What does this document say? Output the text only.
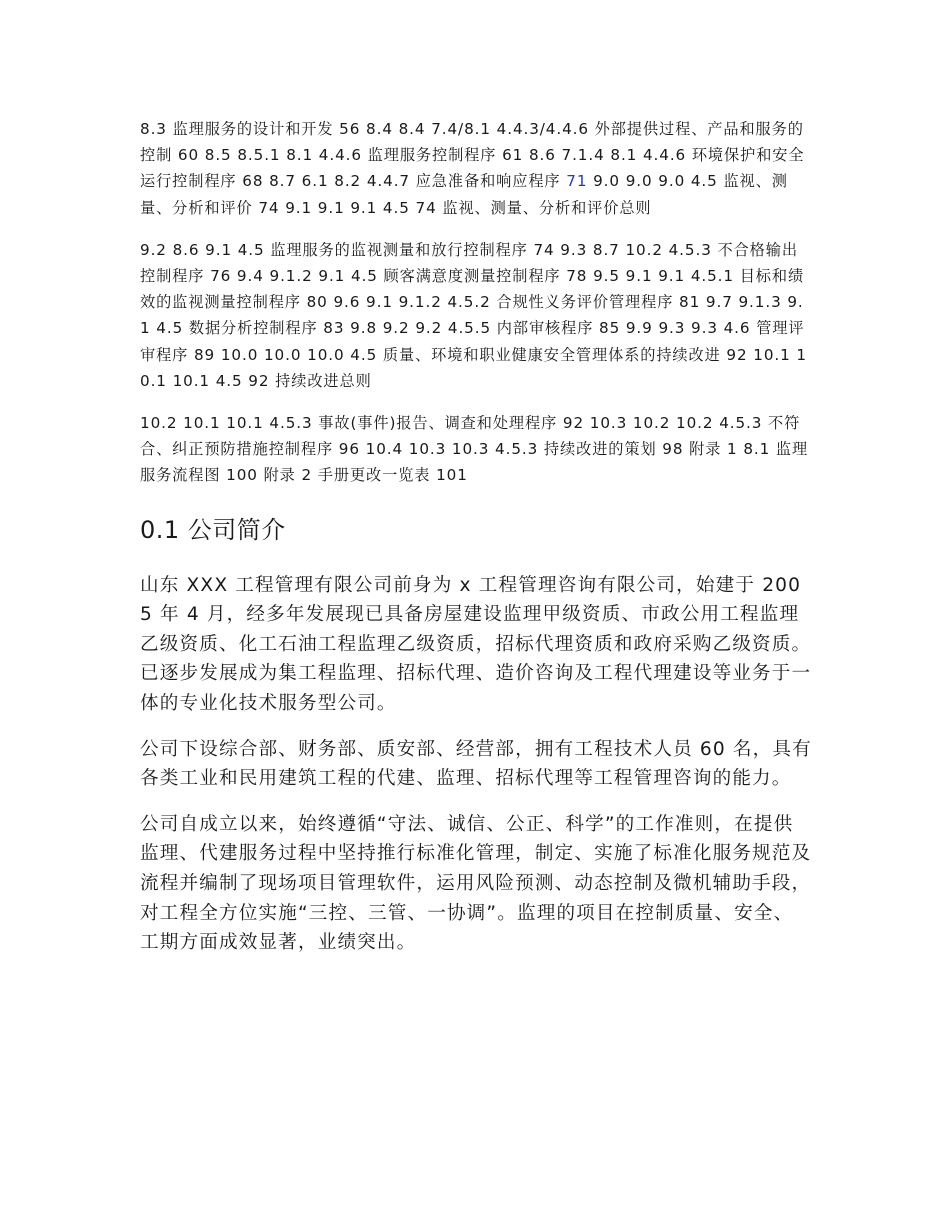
8.3 监理服务的设计和开发 56 8.4 8.4 7.4/8.1 4.4.3/4.4.6 外部提供过程、产品和服务的控制 60 8.5 8.5.1 8.1 4.4.6 监理服务控制程序 61 8.6 7.1.4 8.1 4.4.6 环境保护和安全运行控制程序 68 8.7 6.1 8.2 4.4.7 应急准备和响应程序 71 9.0 9.0 9.0 4.5 监视、测量、分析和评价 74 9.1 9.1 9.1 4.5 74 监视、测量、分析和评价总则

9.2 8.6 9.1 4.5 监理服务的监视测量和放行控制程序 74 9.3 8.7 10.2 4.5.3 不合格输出控制程序 76 9.4 9.1.2 9.1 4.5 顾客满意度测量控制程序 78 9.5 9.1 9.1 4.5.1 目标和绩效的监视测量控制程序 80 9.6 9.1 9.1.2 4.5.2 合规性义务评价管理程序 81 9.7 9.1.3 9.1 4.5 数据分析控制程序 83 9.8 9.2 9.2 4.5.5 内部审核程序 85 9.9 9.3 9.3 4.6 管理评审程序 89 10.0 10.0 10.0 4.5 质量、环境和职业健康安全管理体系的持续改进 92 10.1 10.1 10.1 4.5 92 持续改进总则

10.2 10.1 10.1 4.5.3 事故(事件)报告、调查和处理程序 92 10.3 10.2 10.2 4.5.3 不符合、纠正预防措施控制程序 96 10.4 10.3 10.3 4.5.3 持续改进的策划 98 附录 1 8.1 监理服务流程图 100 附录 2 手册更改一览表 101

0.1 公司简介

山东 XXX 工程管理有限公司前身为 x 工程管理咨询有限公司，始建于 2005 年 4 月，经多年发展现已具备房屋建设监理甲级资质、市政公用工程监理乙级资质、化工石油工程监理乙级资质，招标代理资质和政府采购乙级资质。已逐步发展成为集工程监理、招标代理、造价咨询及工程代理建设等业务于一体的专业化技术服务型公司。

公司下设综合部、财务部、质安部、经营部，拥有工程技术人员 60 名，具有各类工业和民用建筑工程的代建、监理、招标代理等工程管理咨询的能力。

公司自成立以来，始终遵循“守法、诚信、公正、科学”的工作准则，在提供监理、代建服务过程中坚持推行标准化管理，制定、实施了标准化服务规范及流程并编制了现场项目管理软件，运用风险预测、动态控制及微机辅助手段，对工程全方位实施“三控、三管、一协调”。监理的项目在控制质量、安全、工期方面成效显著，业绩突出。
